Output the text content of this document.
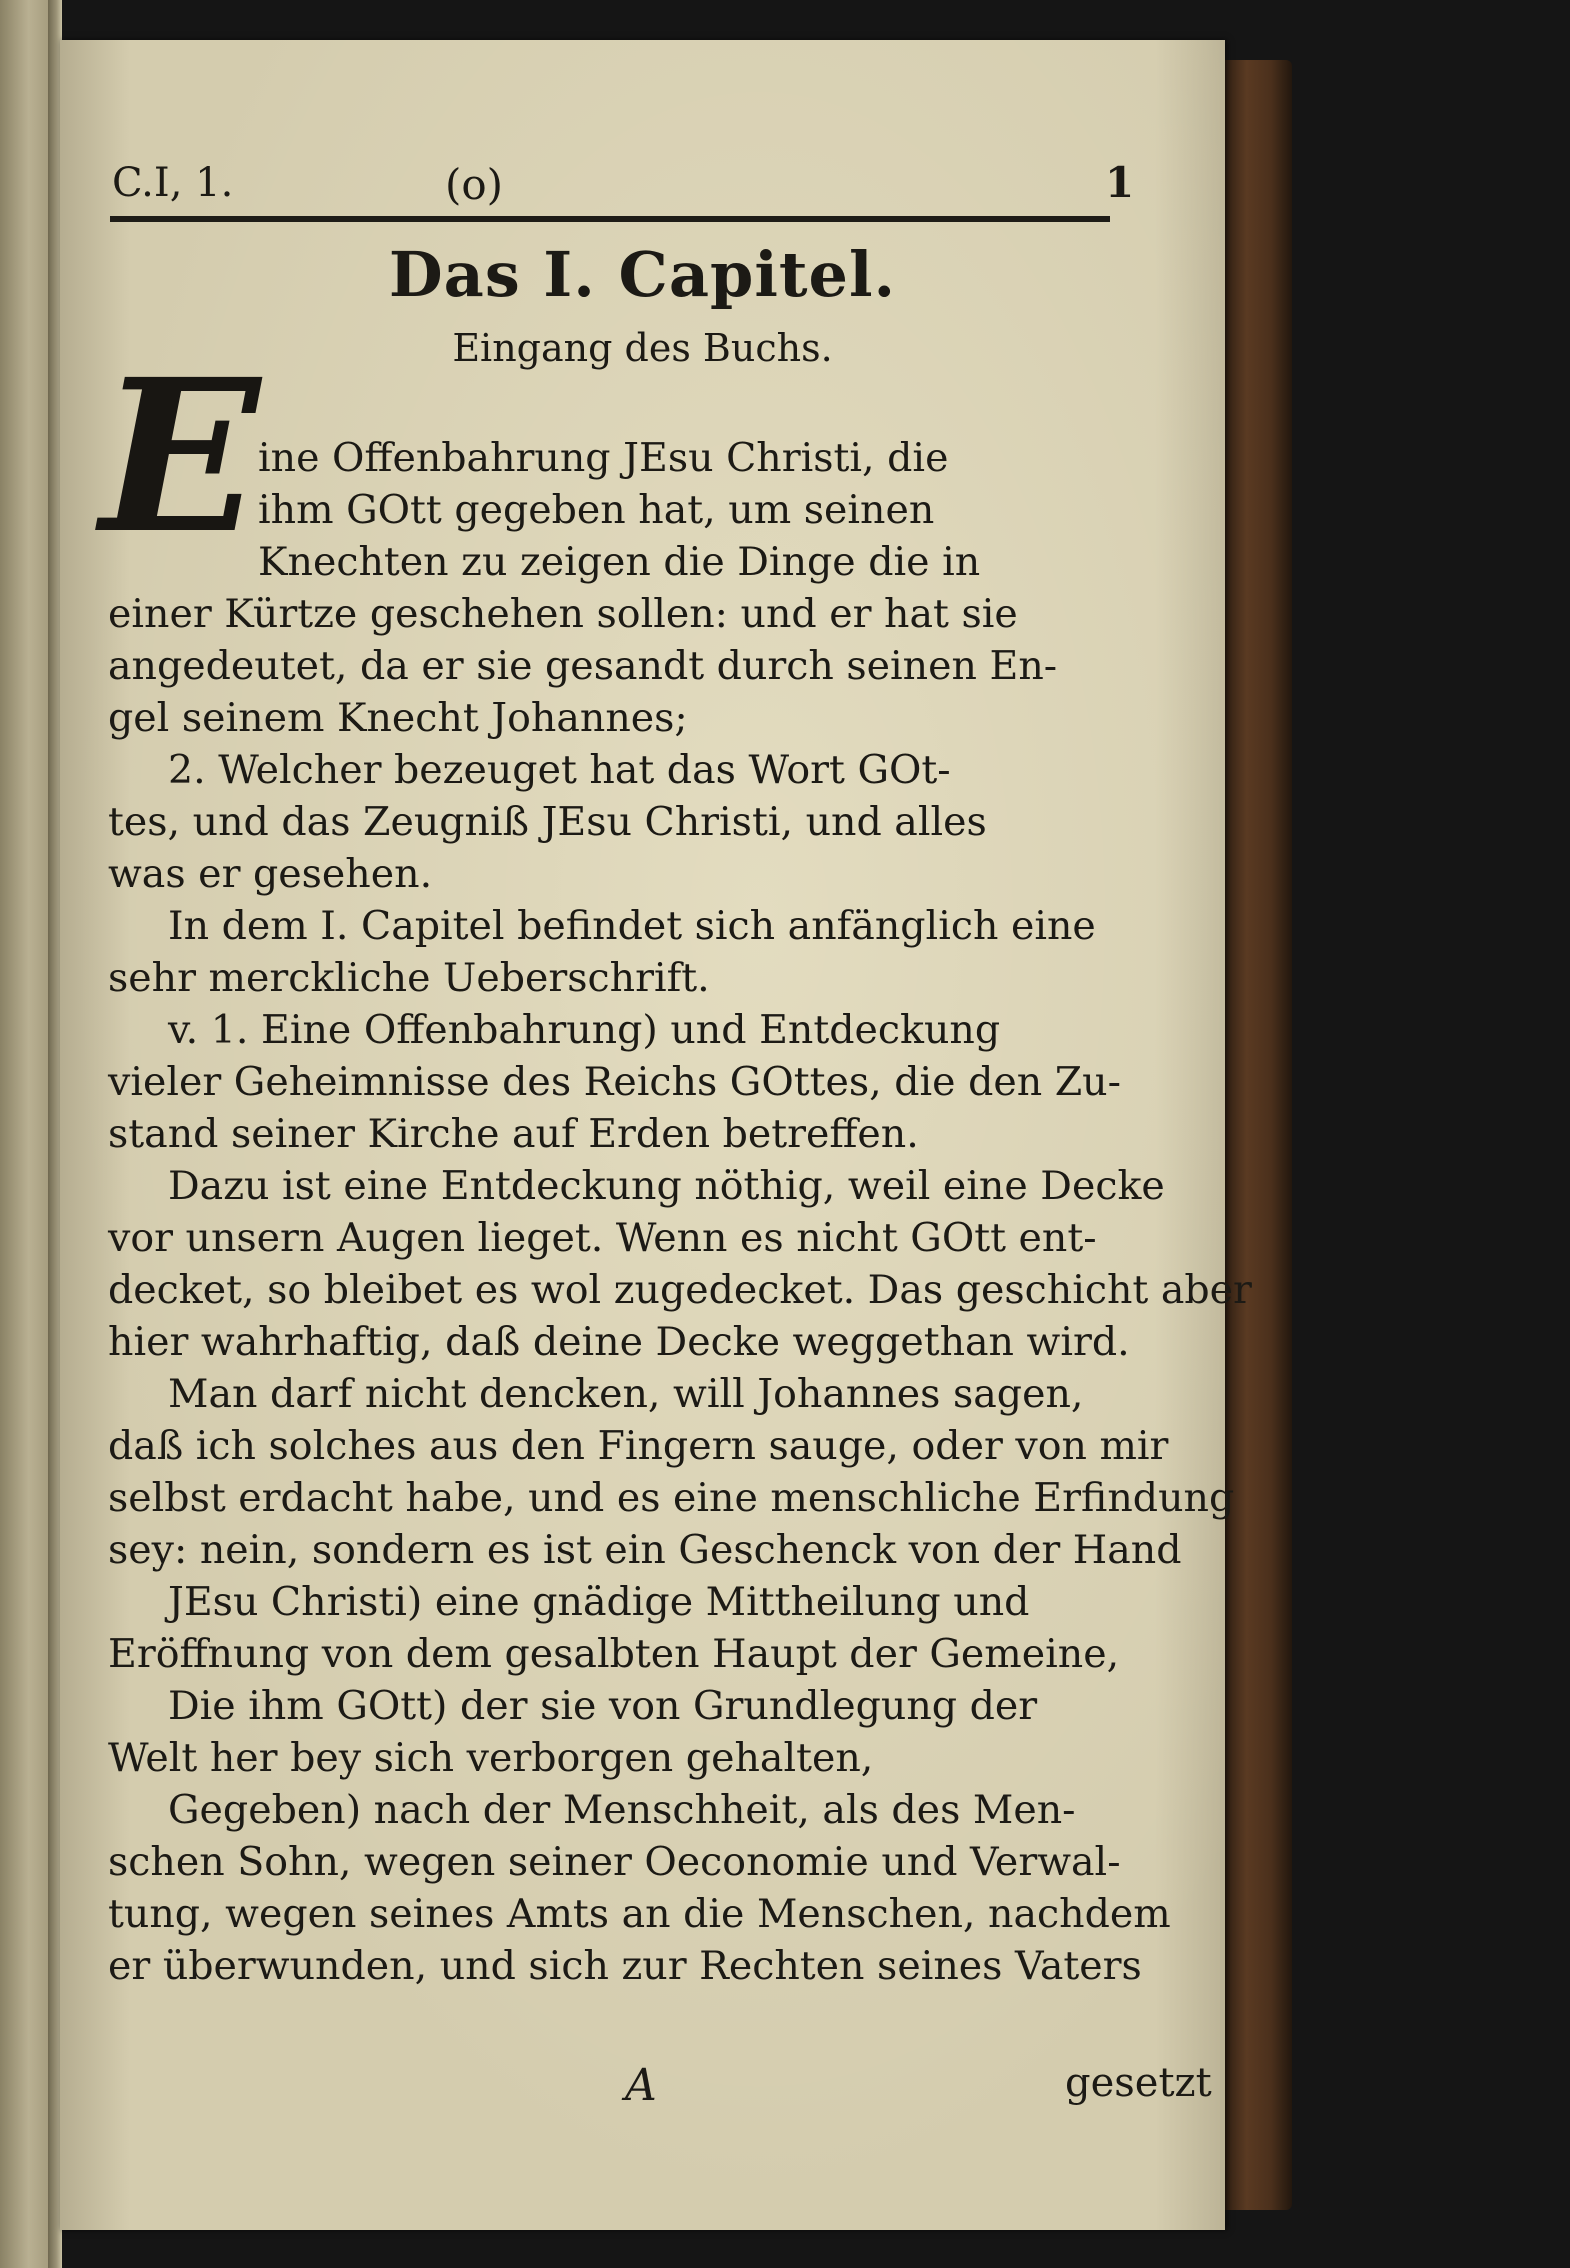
C.I, 1.	(o)	1
Das I. Capitel.
Eingang des Buchs.
E
ine Offenbahrung JEsu Christi, die
ihm GOtt gegeben hat, um seinen
Knechten zu zeigen die Dinge die in
einer Kürtze geschehen sollen: und er hat sie
angedeutet, da er sie gesandt durch seinen En-
gel seinem Knecht Johannes;
2. Welcher bezeuget hat das Wort GOt-
tes, und das Zeugniß JEsu Christi, und alles
was er gesehen.
In dem I. Capitel befindet sich anfänglich eine
sehr merckliche Ueberschrift.
v. 1. Eine Offenbahrung) und Entdeckung
vieler Geheimnisse des Reichs GOttes, die den Zu-
stand seiner Kirche auf Erden betreffen.
Dazu ist eine Entdeckung nöthig, weil eine Decke
vor unsern Augen lieget. Wenn es nicht GOtt ent-
decket, so bleibet es wol zugedecket. Das geschicht aber
hier wahrhaftig, daß deine Decke weggethan wird.
Man darf nicht dencken, will Johannes sagen,
daß ich solches aus den Fingern sauge, oder von mir
selbst erdacht habe, und es eine menschliche Erfindung
sey: nein, sondern es ist ein Geschenck von der Hand
JEsu Christi) eine gnädige Mittheilung und
Eröffnung von dem gesalbten Haupt der Gemeine,
Die ihm GOtt) der sie von Grundlegung der
Welt her bey sich verborgen gehalten,
Gegeben) nach der Menschheit, als des Men-
schen Sohn, wegen seiner Oeconomie und Verwal-
tung, wegen seines Amts an die Menschen, nachdem
er überwunden, und sich zur Rechten seines Vaters
A	gesetzt
